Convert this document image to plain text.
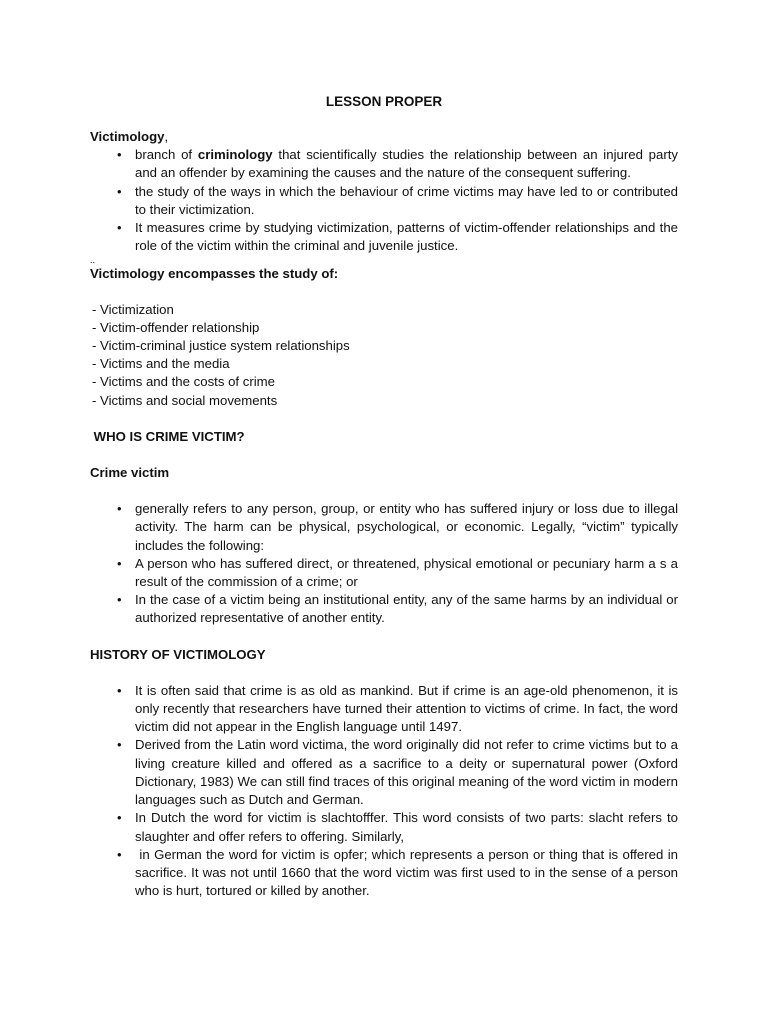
LESSON PROPER

Victimology,

• branch of criminology that scientifically studies the relationship between an injured party and an offender by examining the causes and the nature of the consequent suffering.
• the study of the ways in which the behaviour of crime victims may have led to or contributed to their victimization.
• It measures crime by studying victimization, patterns of victim-offender relationships and the role of the victim within the criminal and juvenile justice.
..

Victimology encompasses the study of:

- Victimization
- Victim-offender relationship
- Victim-criminal justice system relationships
- Victims and the media
- Victims and the costs of crime
- Victims and social movements

WHO IS CRIME VICTIM?

Crime victim

• generally refers to any person, group, or entity who has suffered injury or loss due to illegal activity. The harm can be physical, psychological, or economic. Legally, “victim” typically includes the following:
• A person who has suffered direct, or threatened, physical emotional or pecuniary harm a s a result of the commission of a crime; or
• In the case of a victim being an institutional entity, any of the same harms by an individual or authorized representative of another entity.

HISTORY OF VICTIMOLOGY

• It is often said that crime is as old as mankind. But if crime is an age-old phenomenon, it is only recently that researchers have turned their attention to victims of crime. In fact, the word victim did not appear in the English language until 1497.
• Derived from the Latin word victima, the word originally did not refer to crime victims but to a living creature killed and offered as a sacrifice to a deity or supernatural power (Oxford Dictionary, 1983) We can still find traces of this original meaning of the word victim in modern languages such as Dutch and German.
• In Dutch the word for victim is slachtofffer. This word consists of two parts: slacht refers to slaughter and offer refers to offering. Similarly,
•  in German the word for victim is opfer; which represents a person or thing that is offered in sacrifice. It was not until 1660 that the word victim was first used to in the sense of a person who is hurt, tortured or killed by another.
